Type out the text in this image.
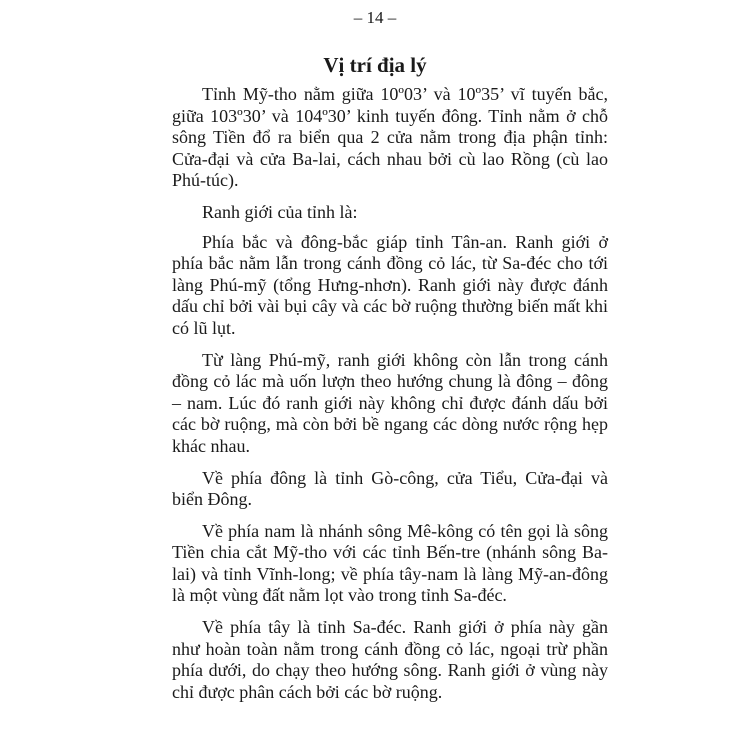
– 14 –
Vị trí địa lý

Tỉnh Mỹ-tho nằm giữa 10º03’ và 10º35’ vĩ tuyến bắc, giữa 103º30’ và 104º30’ kinh tuyến đông. Tỉnh nằm ở chỗ sông Tiền đổ ra biển qua 2 cửa nằm trong địa phận tỉnh: Cửa-đại và cửa Ba-lai, cách nhau bởi cù lao Rồng (cù lao Phú-túc).

Ranh giới của tỉnh là:

Phía bắc và đông-bắc giáp tỉnh Tân-an. Ranh giới ở phía bắc nằm lẫn trong cánh đồng cỏ lác, từ Sa-đéc cho tới làng Phú-mỹ (tổng Hưng-nhơn). Ranh giới này được đánh dấu chỉ bởi vài bụi cây và các bờ ruộng thường biến mất khi có lũ lụt.

Từ làng Phú-mỹ, ranh giới không còn lẫn trong cánh đồng cỏ lác mà uốn lượn theo hướng chung là đông – đông – nam. Lúc đó ranh giới này không chỉ được đánh dấu bởi các bờ ruộng, mà còn bởi bề ngang các dòng nước rộng hẹp khác nhau.

Về phía đông là tỉnh Gò-công, cửa Tiểu, Cửa-đại và biển Đông.

Về phía nam là nhánh sông Mê-kông có tên gọi là sông Tiền chia cắt Mỹ-tho với các tỉnh Bến-tre (nhánh sông Ba-lai) và tỉnh Vĩnh-long; về phía tây-nam là làng Mỹ-an-đông là một vùng đất nằm lọt vào trong tỉnh Sa-đéc.

Về phía tây là tỉnh Sa-đéc. Ranh giới ở phía này gần như hoàn toàn nằm trong cánh đồng cỏ lác, ngoại trừ phần phía dưới, do chạy theo hướng sông. Ranh giới ở vùng này chỉ được phân cách bởi các bờ ruộng.
